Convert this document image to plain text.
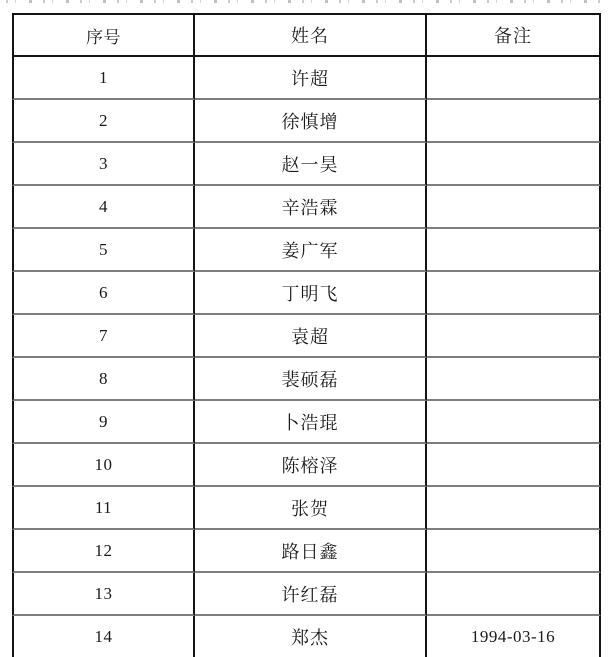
序号	姓名	备注
1	许超	
2	徐慎增	
3	赵一昊	
4	辛浩霖	
5	姜广军	
6	丁明飞	
7	袁超	
8	裴硕磊	
9	卜浩琨	
10	陈榕泽	
11	张贺	
12	路日鑫	
13	许红磊	
14	郑杰	1994-03-16
